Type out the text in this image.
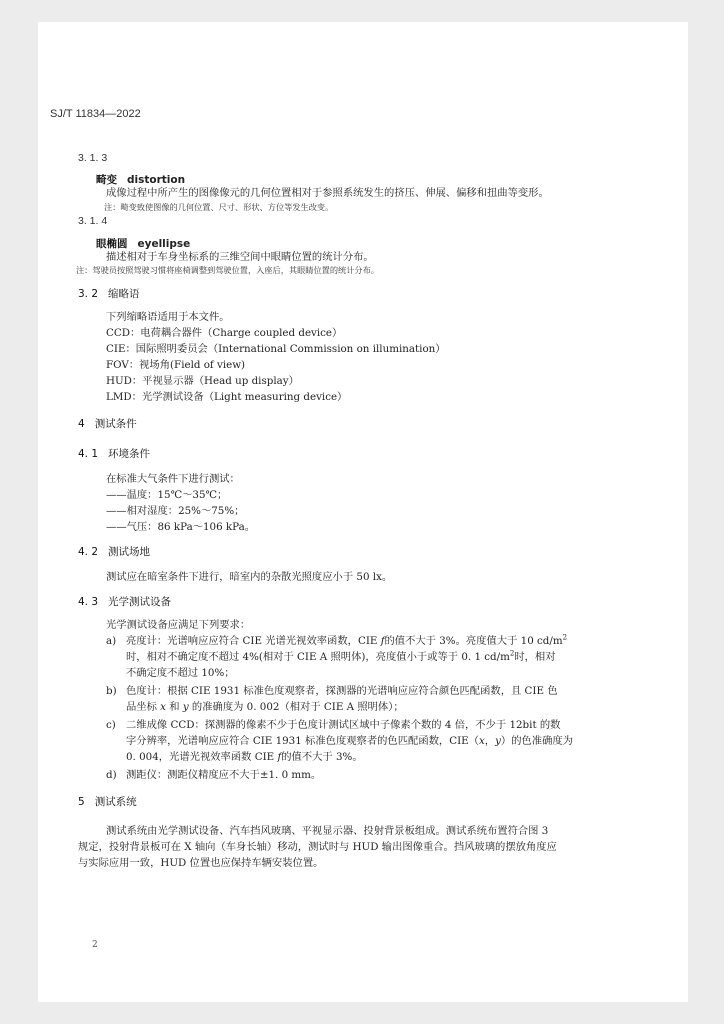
SJ/T 11834—2022
3. 1. 3
畸变 distortion
成像过程中所产生的图像像元的几何位置相对于参照系统发生的挤压、伸展、偏移和扭曲等变形。
注：畸变致使图像的几何位置、尺寸、形状、方位等发生改变。
3. 1. 4
眼椭圆 eyellipse
描述相对于车身坐标系的三维空间中眼睛位置的统计分布。
注：驾驶员按照驾驶习惯将座椅调整到驾驶位置，入座后，其眼睛位置的统计分布。
3. 2 缩略语
下列缩略语适用于本文件。
CCD：电荷耦合器件（Charge coupled device）
CIE：国际照明委员会（International Commission on illumination）
FOV：视场角(Field of view)
HUD：平视显示器（Head up display）
LMD：光学测试设备（Light measuring device）
4 测试条件
4. 1 环境条件
在标准大气条件下进行测试：
——温度：15℃～35℃；
——相对湿度：25%～75%；
——气压：86 kPa～106 kPa。
4. 2 测试场地
测试应在暗室条件下进行，暗室内的杂散光照度应小于 50 lx。
4. 3 光学测试设备
光学测试设备应满足下列要求：
a) 亮度计：光谱响应应符合 CIE 光谱光视效率函数，CIE f的值不大于 3%。亮度值大于 10 $cd/m^2$
时，相对不确定度不超过 4%(相对于 CIE A 照明体)，亮度值小于或等于 0. 1 $cd/m^2$时，相对
不确定度不超过 10%；
b) 色度计：根据 CIE 1931 标准色度观察者，探测器的光谱响应应符合颜色匹配函数，且 CIE 色
品坐标 x 和 y 的准确度为 0. 002（相对于 CIE A 照明体）；
c) 二维成像 CCD：探测器的像素不少于色度计测试区域中子像素个数的 4 倍，不少于 12bit 的数
字分辨率，光谱响应应符合 CIE 1931 标准色度观察者的色匹配函数，CIE（x，y）的色准确度为
0. 004，光谱光视效率函数 CIE f的值不大于 3%。
d) 测距仪：测距仪精度应不大于±1. 0 mm。
5 测试系统
测试系统由光学测试设备、汽车挡风玻璃、平视显示器、投射背景板组成。测试系统布置符合图 3
规定，投射背景板可在 X 轴向（车身长轴）移动，测试时与 HUD 输出图像重合。挡风玻璃的摆放角度应
与实际应用一致，HUD 位置也应保持车辆安装位置。
2
